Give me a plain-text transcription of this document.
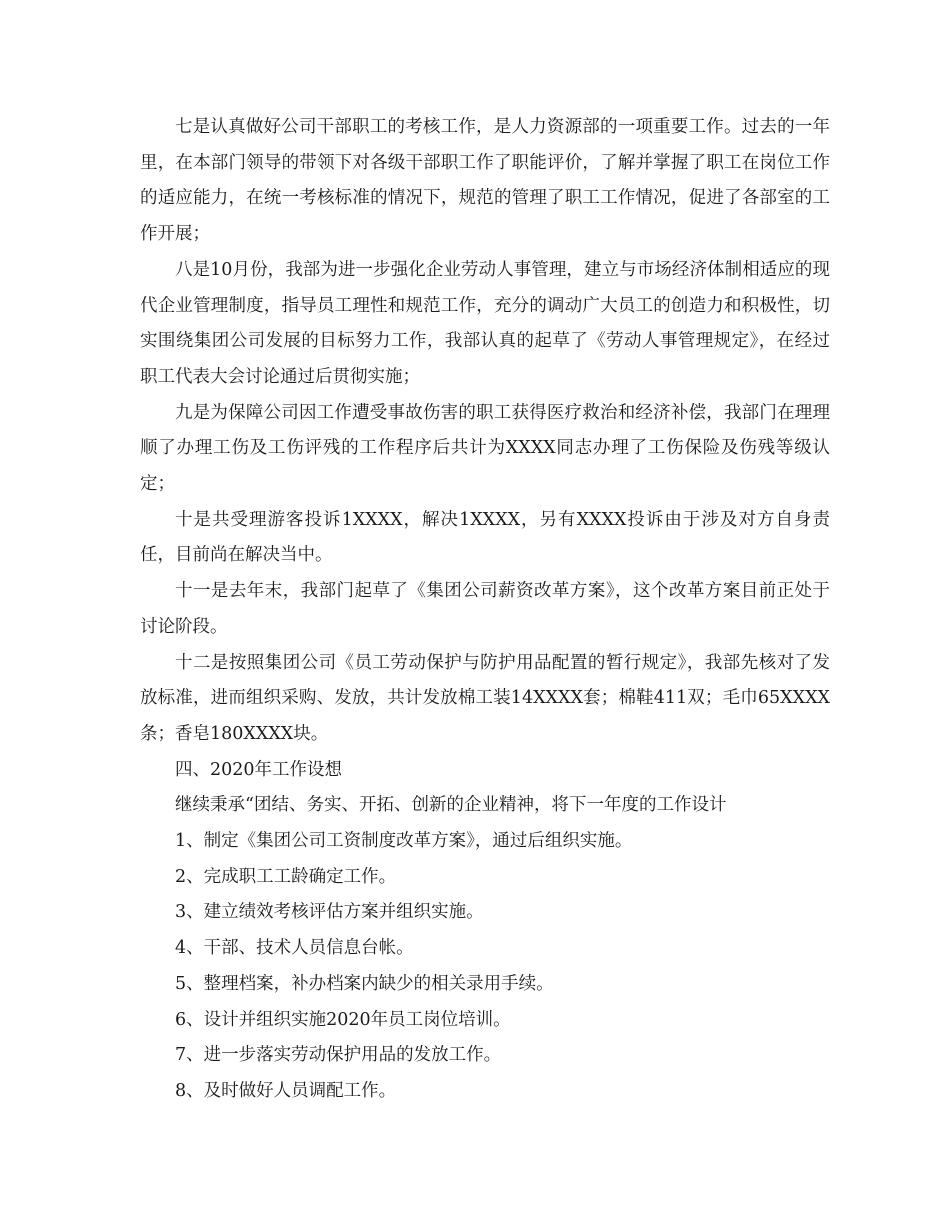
七是认真做好公司干部职工的考核工作，是人力资源部的一项重要工作。过去的一年里，在本部门领导的带领下对各级干部职工作了职能评价，了解并掌握了职工在岗位工作的适应能力，在统一考核标准的情况下，规范的管理了职工工作情况，促进了各部室的工作开展；

八是10月份，我部为进一步强化企业劳动人事管理，建立与市场经济体制相适应的现代企业管理制度，指导员工理性和规范工作，充分的调动广大员工的创造力和积极性，切实围绕集团公司发展的目标努力工作，我部认真的起草了《劳动人事管理规定》，在经过职工代表大会讨论通过后贯彻实施；

九是为保障公司因工作遭受事故伤害的职工获得医疗救治和经济补偿，我部门在理理顺了办理工伤及工伤评残的工作程序后共计为XXXX同志办理了工伤保险及伤残等级认定；

十是共受理游客投诉1XXXX，解决1XXXX，另有XXXX投诉由于涉及对方自身责任，目前尚在解决当中。

十一是去年末，我部门起草了《集团公司薪资改革方案》，这个改革方案目前正处于讨论阶段。

十二是按照集团公司《员工劳动保护与防护用品配置的暂行规定》，我部先核对了发放标准，进而组织采购、发放，共计发放棉工装14XXXX套；棉鞋411双；毛巾65XXXX条；香皂180XXXX块。

四、2020年工作设想

继续秉承“团结、务实、开拓、创新的企业精神，将下一年度的工作设计

1、制定《集团公司工资制度改革方案》，通过后组织实施。

2、完成职工工龄确定工作。

3、建立绩效考核评估方案并组织实施。

4、干部、技术人员信息台帐。

5、整理档案，补办档案内缺少的相关录用手续。

6、设计并组织实施2020年员工岗位培训。

7、进一步落实劳动保护用品的发放工作。

8、及时做好人员调配工作。
